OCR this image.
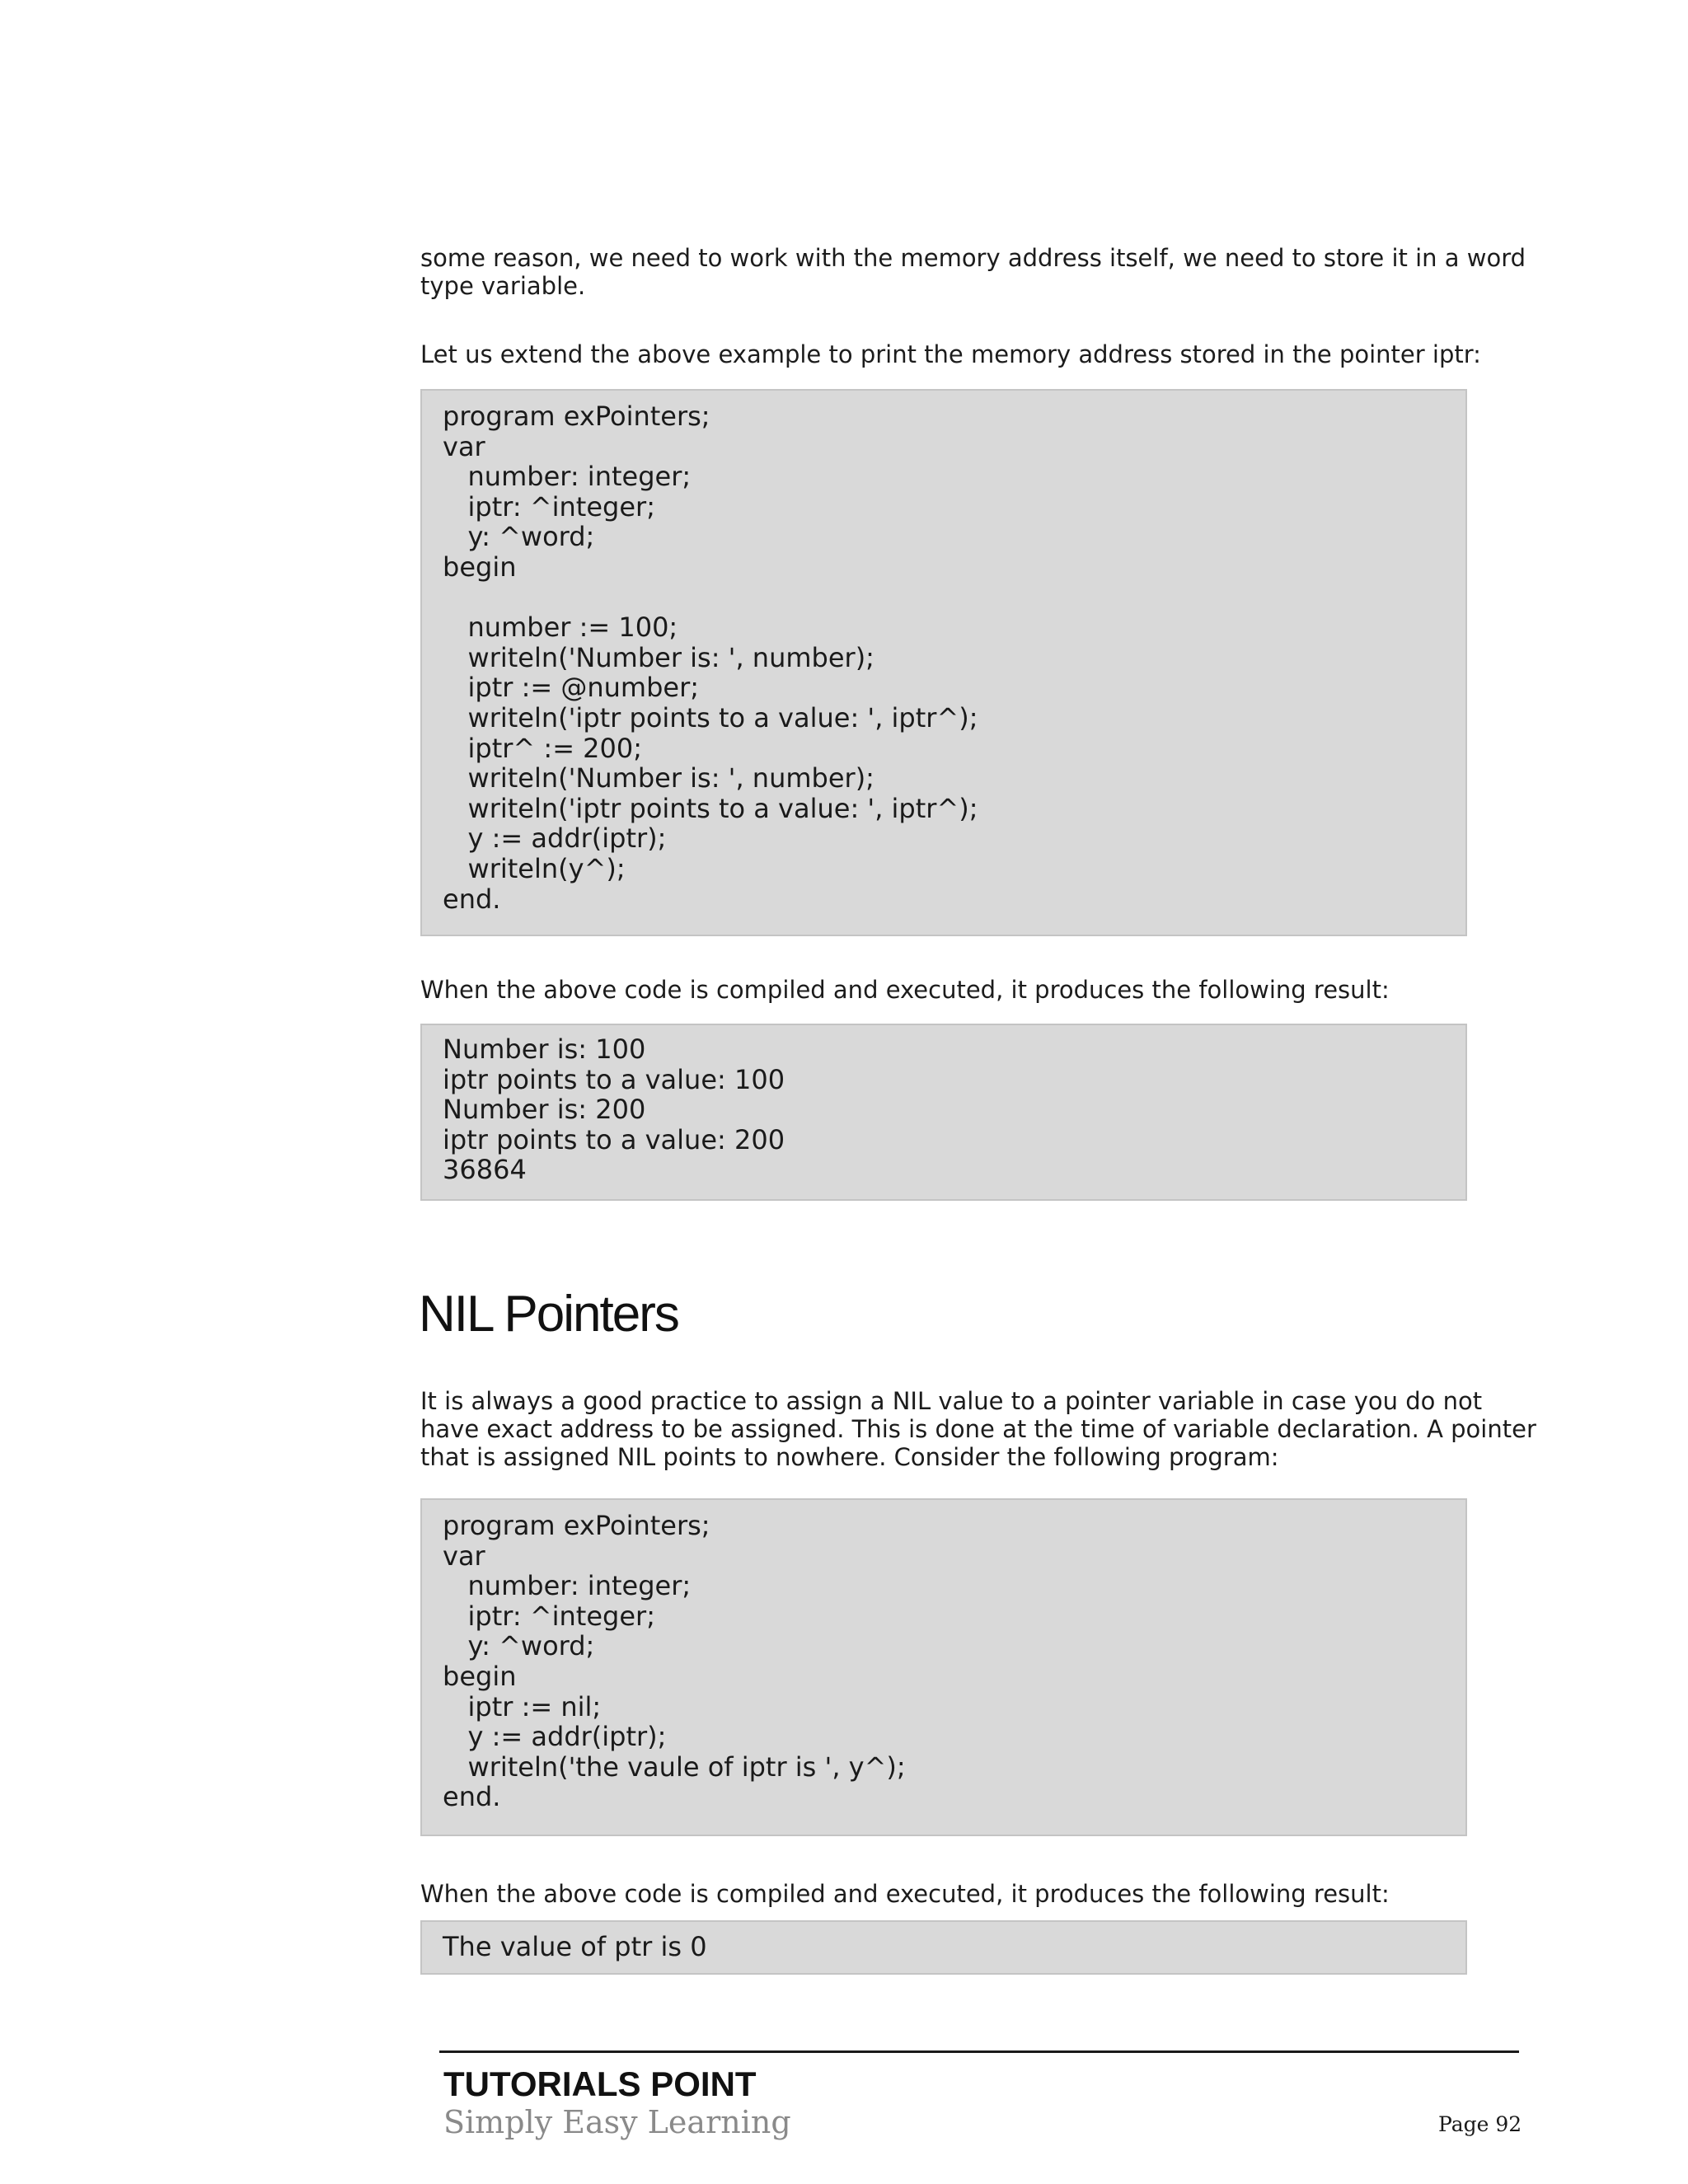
some reason, we need to work with the memory address itself, we need to store it in a word
type variable.

Let us extend the above example to print the memory address stored in the pointer iptr:

program exPointers;
var
number: integer;
iptr: ^integer;
y: ^word;
begin
number := 100;
writeln('Number is: ', number);
iptr := @number;
writeln('iptr points to a value: ', iptr^);
iptr^ := 200;
writeln('Number is: ', number);
writeln('iptr points to a value: ', iptr^);
y := addr(iptr);
writeln(y^);
end.

When the above code is compiled and executed, it produces the following result:

Number is: 100
iptr points to a value: 100
Number is: 200
iptr points to a value: 200
36864
NIL Pointers

It is always a good practice to assign a NIL value to a pointer variable in case you do not
have exact address to be assigned. This is done at the time of variable declaration. A pointer
that is assigned NIL points to nowhere. Consider the following program:

program exPointers;
var
number: integer;
iptr: ^integer;
y: ^word;
begin
iptr := nil;
y := addr(iptr);
writeln('the vaule of iptr is ', y^);
end.

When the above code is compiled and executed, it produces the following result:

The value of ptr is 0
TUTORIALS POINT
Simply Easy Learning	Page 92
